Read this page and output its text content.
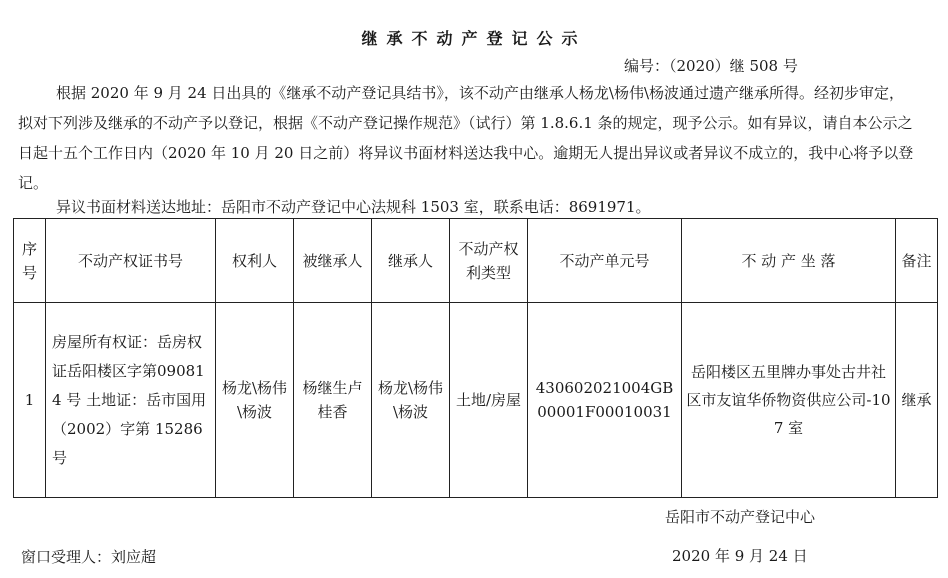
继承不动产登记公示
编号：（2020）继 508 号
根据 2020 年 9 月 24 日出具的《继承不动产登记具结书》，该不动产由继承人杨龙\杨伟\杨波通过遗产继承所得。经初步审定， 拟对下列涉及继承的不动产予以登记，根据《不动产登记操作规范》（试行）第 1.8.6.1 条的规定，现予公示。如有异议，请自本公示之日起十五个工作日内（2020 年 10 月 20 日之前）将异议书面材料送达我中心。逾期无人提出异议或者异议不成立的，我中心将予以登记。
异议书面材料送达地址：岳阳市不动产登记中心法规科 1503 室，联系电话：8691971。
序号	不动产权证书号	权利人	被继承人	继承人	不动产权利类型	不动产单元号	不 动 产 坐 落	备注
1	房屋所有权证：岳房权证岳阳楼区字第090814 号 土地证：岳市国用（2002）字第 15286 号	杨龙\杨伟\杨波	杨继生卢桂香	杨龙\杨伟\杨波	土地/房屋	430602021004GB00001F00010031	岳阳楼区五里牌办事处古井社区市友谊华侨物资供应公司-107 室	继承
岳阳市不动产登记中心
窗口受理人：刘应超	2020 年 9 月 24 日
